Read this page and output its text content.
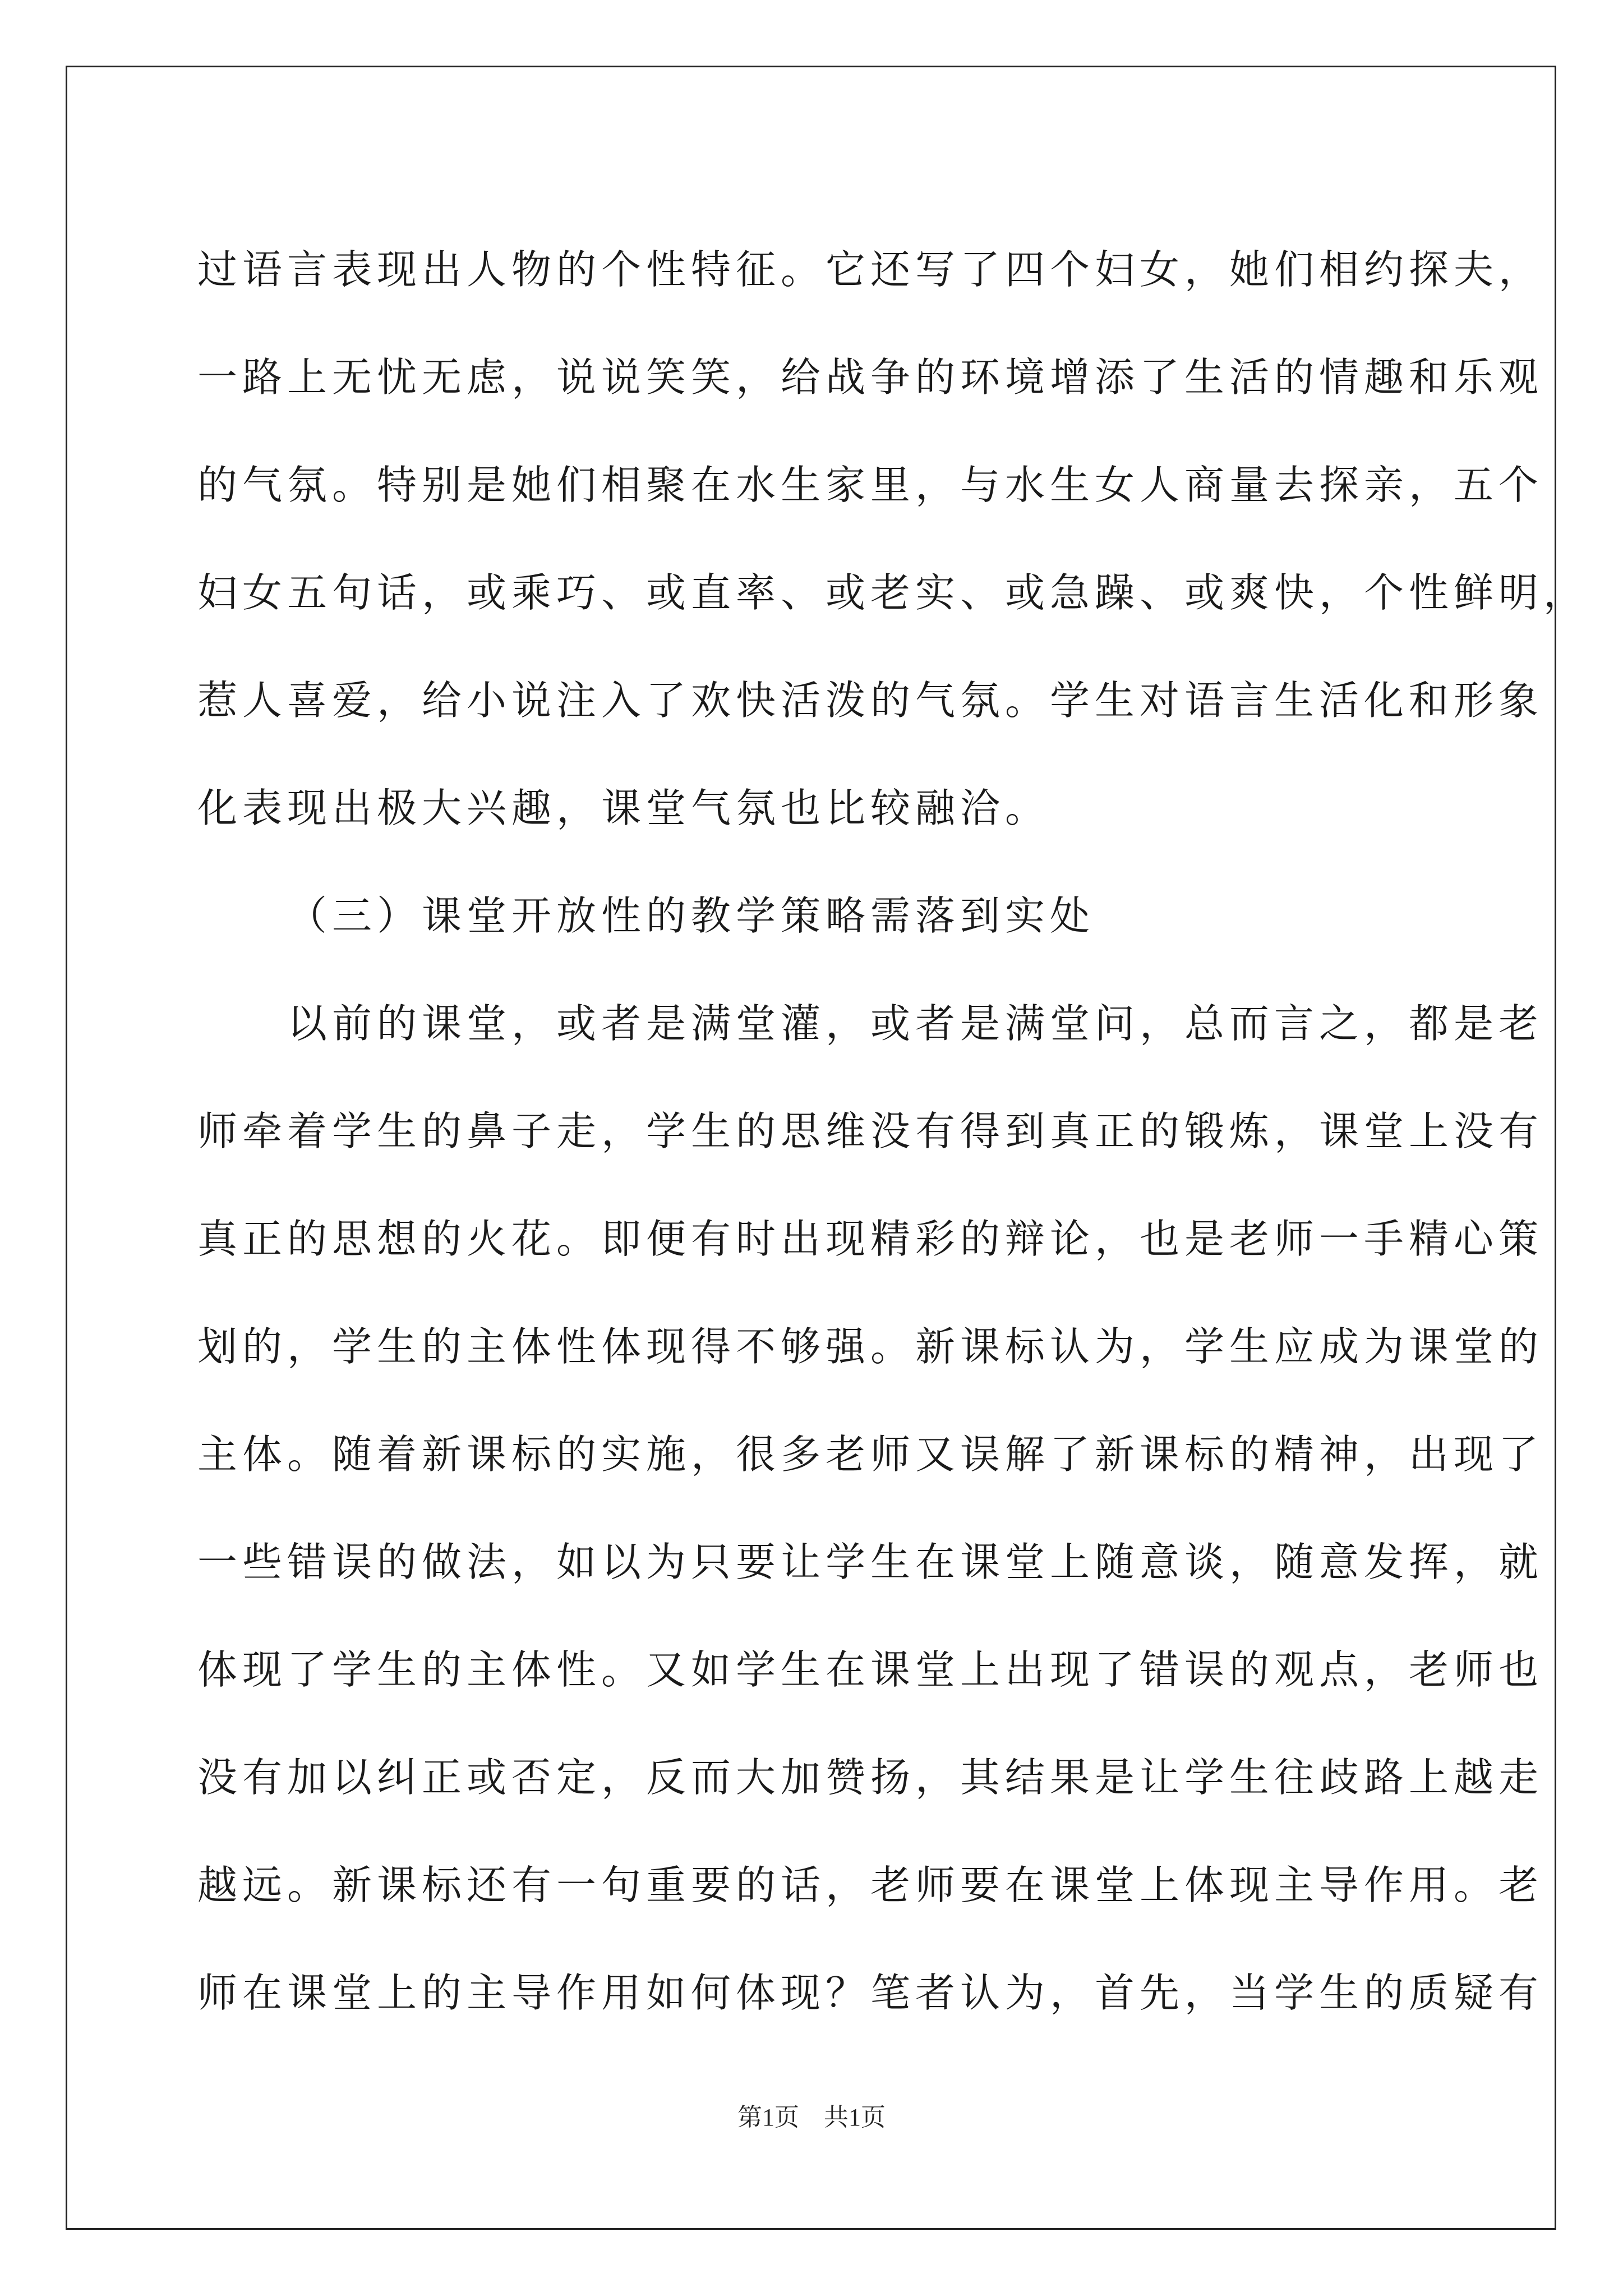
过语言表现出人物的个性特征。它还写了四个妇女，她们相约探夫，
一路上无忧无虑，说说笑笑，给战争的环境增添了生活的情趣和乐观
的气氛。特别是她们相聚在水生家里，与水生女人商量去探亲，五个
妇女五句话，或乘巧、或直率、或老实、或急躁、或爽快，个性鲜明，
惹人喜爱，给小说注入了欢快活泼的气氛。学生对语言生活化和形象
化表现出极大兴趣，课堂气氛也比较融洽。
（三）课堂开放性的教学策略需落到实处
以前的课堂，或者是满堂灌，或者是满堂问，总而言之，都是老
师牵着学生的鼻子走，学生的思维没有得到真正的锻炼，课堂上没有
真正的思想的火花。即便有时出现精彩的辩论，也是老师一手精心策
划的，学生的主体性体现得不够强。新课标认为，学生应成为课堂的
主体。随着新课标的实施，很多老师又误解了新课标的精神，出现了
一些错误的做法，如以为只要让学生在课堂上随意谈，随意发挥，就
体现了学生的主体性。又如学生在课堂上出现了错误的观点，老师也
没有加以纠正或否定，反而大加赞扬，其结果是让学生往歧路上越走
越远。新课标还有一句重要的话，老师要在课堂上体现主导作用。老
师在课堂上的主导作用如何体现？笔者认为，首先，当学生的质疑有
第1页　共1页
